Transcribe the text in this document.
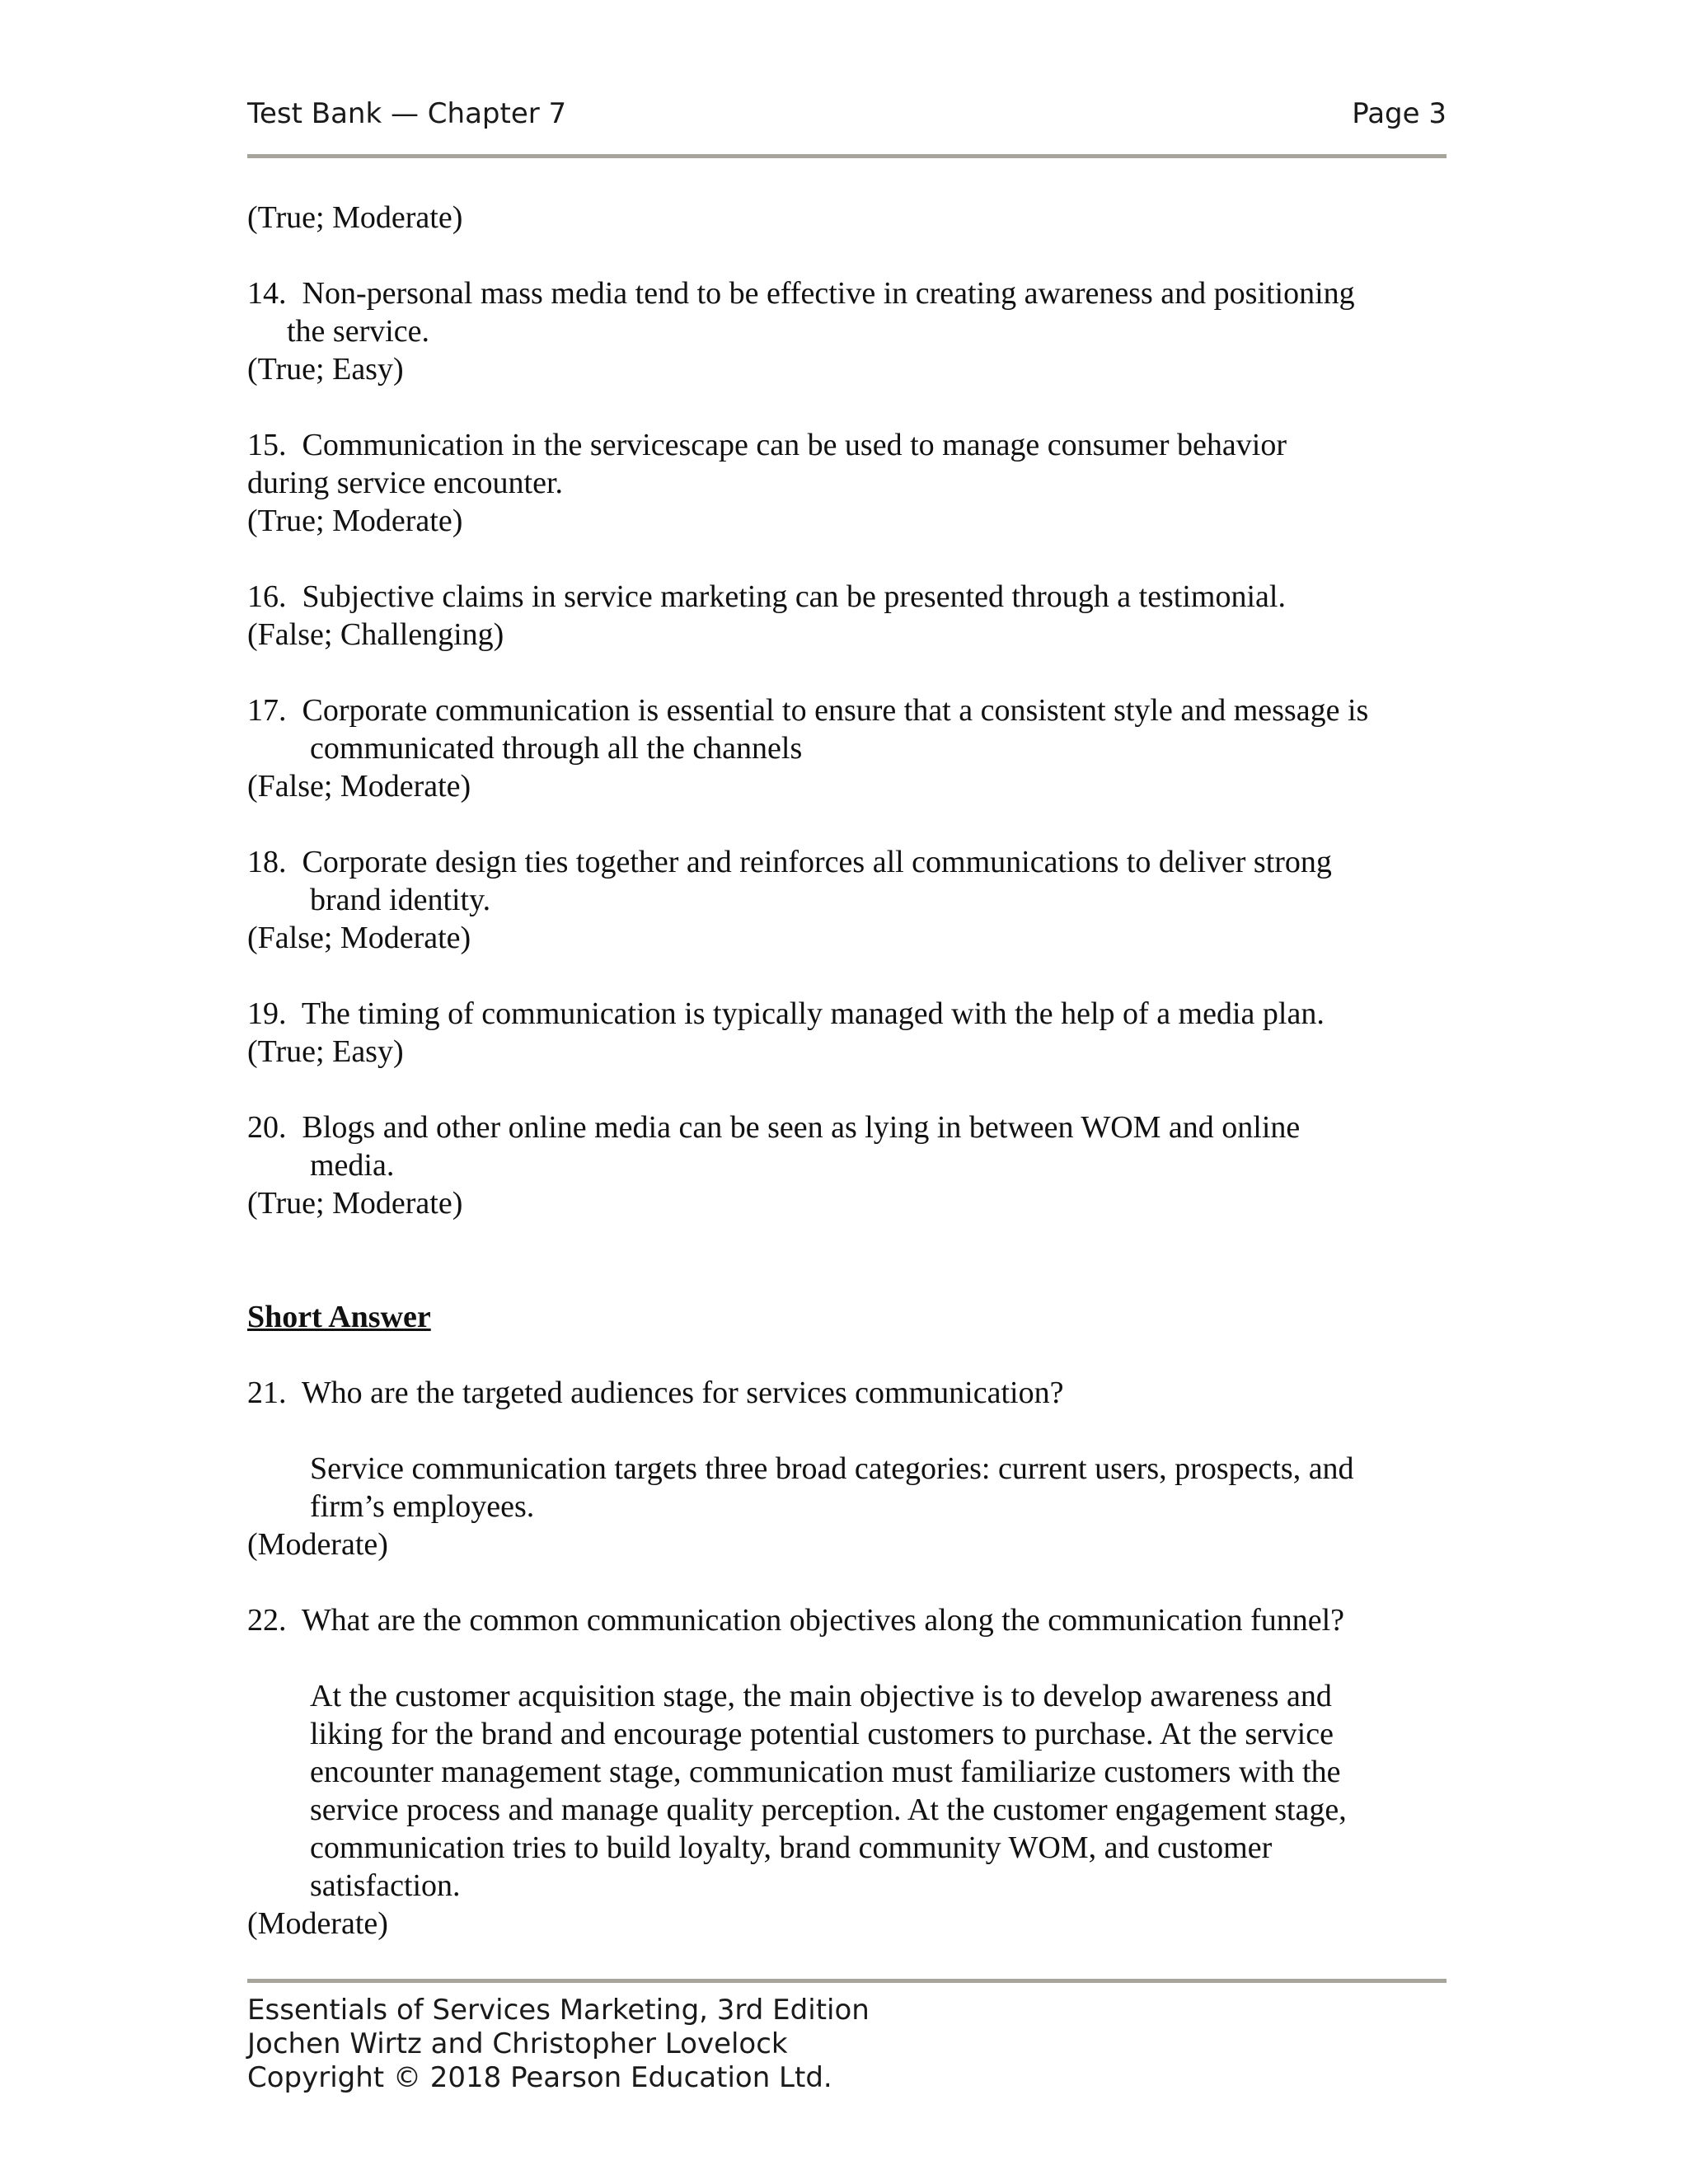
Test Bank — Chapter 7	Page 3

(True; Moderate)

14.  Non-personal mass media tend to be effective in creating awareness and positioning

the service.

(True; Easy)

15.  Communication in the servicescape can be used to manage consumer behavior

during service encounter.

(True; Moderate)

16.  Subjective claims in service marketing can be presented through a testimonial.

(False; Challenging)

17.  Corporate communication is essential to ensure that a consistent style and message is

communicated through all the channels

(False; Moderate)

18.  Corporate design ties together and reinforces all communications to deliver strong

brand identity.

(False; Moderate)

19.  The timing of communication is typically managed with the help of a media plan.

(True; Easy)

20.  Blogs and other online media can be seen as lying in between WOM and online

media.

(True; Moderate)

Short Answer

21.  Who are the targeted audiences for services communication?

Service communication targets three broad categories: current users, prospects, and

firm’s employees.

(Moderate)

22.  What are the common communication objectives along the communication funnel?

At the customer acquisition stage, the main objective is to develop awareness and

liking for the brand and encourage potential customers to purchase. At the service

encounter management stage, communication must familiarize customers with the

service process and manage quality perception. At the customer engagement stage,

communication tries to build loyalty, brand community WOM, and customer

satisfaction.

(Moderate)

Essentials of Services Marketing, 3rd Edition
Jochen Wirtz and Christopher Lovelock
Copyright © 2018 Pearson Education Ltd.
